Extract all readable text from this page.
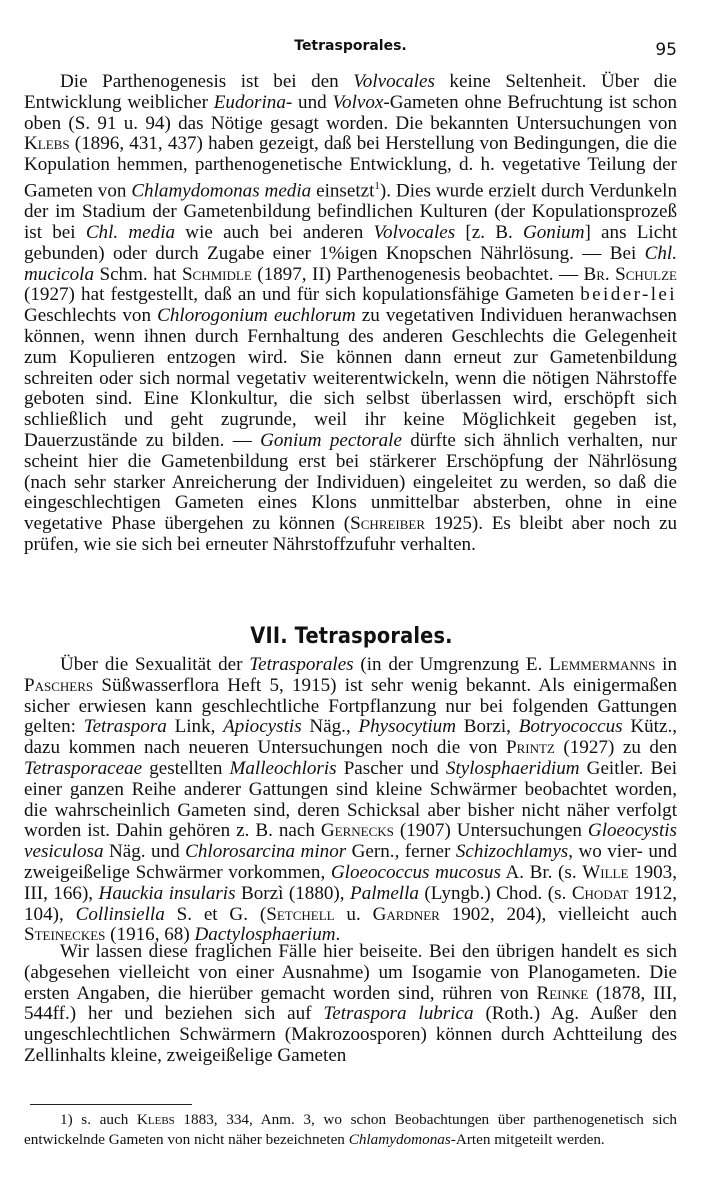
Tetrasporales.	95

Die Parthenogenesis ist bei den Volvocales keine Seltenheit. Über die Entwicklung weiblicher Eudorina- und Volvox-Gameten ohne Befruchtung ist schon oben (S. 91 u. 94) das Nötige gesagt worden. Die bekannten Untersuchungen von Klebs (1896, 431, 437) haben gezeigt, daß bei Herstellung von Bedingungen, die die Kopulation hemmen, parthenogenetische Entwicklung, d. h. vegetative Teilung der Gameten von Chlamydomonas media einsetzt$^1$). Dies wurde erzielt durch Verdunkeln der im Stadium der Gametenbildung befindlichen Kulturen (der Kopulationsprozeß ist bei Chl. media wie auch bei anderen Volvocales [z. B. Gonium] ans Licht gebunden) oder durch Zugabe einer 1%igen Knopschen Nährlösung. — Bei Chl. mucicola Schm. hat Schmidle (1897, II) Parthenogenesis beobachtet. — Br. Schulze (1927) hat festgestellt, daß an und für sich kopulationsfähige Gameten beider-lei Geschlechts von Chlorogonium euchlorum zu vegetativen Individuen heranwachsen können, wenn ihnen durch Fernhaltung des anderen Geschlechts die Gelegenheit zum Kopulieren entzogen wird. Sie können dann erneut zur Gametenbildung schreiten oder sich normal vegetativ weiterentwickeln, wenn die nötigen Nährstoffe geboten sind. Eine Klonkultur, die sich selbst überlassen wird, erschöpft sich schließlich und geht zugrunde, weil ihr keine Möglichkeit gegeben ist, Dauerzustände zu bilden. — Gonium pectorale dürfte sich ähnlich verhalten, nur scheint hier die Gametenbildung erst bei stärkerer Erschöpfung der Nährlösung (nach sehr starker Anreicherung der Individuen) eingeleitet zu werden, so daß die eingeschlechtigen Gameten eines Klons unmittelbar absterben, ohne in eine vegetative Phase übergehen zu können (Schreiber 1925). Es bleibt aber noch zu prüfen, wie sie sich bei erneuter Nährstoffzufuhr verhalten.

VII. Tetrasporales.

Über die Sexualität der Tetrasporales (in der Umgrenzung E. Lemmermanns in Paschers Süßwasserflora Heft 5, 1915) ist sehr wenig bekannt. Als einigermaßen sicher erwiesen kann geschlechtliche Fortpflanzung nur bei folgenden Gattungen gelten: Tetraspora Link, Apiocystis Näg., Physocytium Borzi, Botryococcus Kütz., dazu kommen nach neueren Untersuchungen noch die von Printz (1927) zu den Tetrasporaceae gestellten Malleochloris Pascher und Stylosphaeridium Geitler. Bei einer ganzen Reihe anderer Gattungen sind kleine Schwärmer beobachtet worden, die wahrscheinlich Gameten sind, deren Schicksal aber bisher nicht näher verfolgt worden ist. Dahin gehören z. B. nach Gernecks (1907) Untersuchungen Gloeocystis vesiculosa Näg. und Chlorosarcina minor Gern., ferner Schizochlamys, wo vier- und zweigeißelige Schwärmer vorkommen, Gloeococcus mucosus A. Br. (s. Wille 1903, III, 166), Hauckia insularis Borzì (1880), Palmella (Lyngb.) Chod. (s. Chodat 1912, 104), Collinsiella S. et G. (Setchell u. Gardner 1902, 204), vielleicht auch Steineckes (1916, 68) Dactylosphaerium.

Wir lassen diese fraglichen Fälle hier beiseite. Bei den übrigen handelt es sich (abgesehen vielleicht von einer Ausnahme) um Isogamie von Planogameten. Die ersten Angaben, die hierüber gemacht worden sind, rühren von Reinke (1878, III, 544ff.) her und beziehen sich auf Tetraspora lubrica (Roth.) Ag. Außer den ungeschlechtlichen Schwärmern (Makrozoosporen) können durch Achtteilung des Zellinhalts kleine, zweigeißelige Gameten

1) s. auch Klebs 1883, 334, Anm. 3, wo schon Beobachtungen über parthenogenetisch sich entwickelnde Gameten von nicht näher bezeichneten Chlamydomonas-Arten mitgeteilt werden.
